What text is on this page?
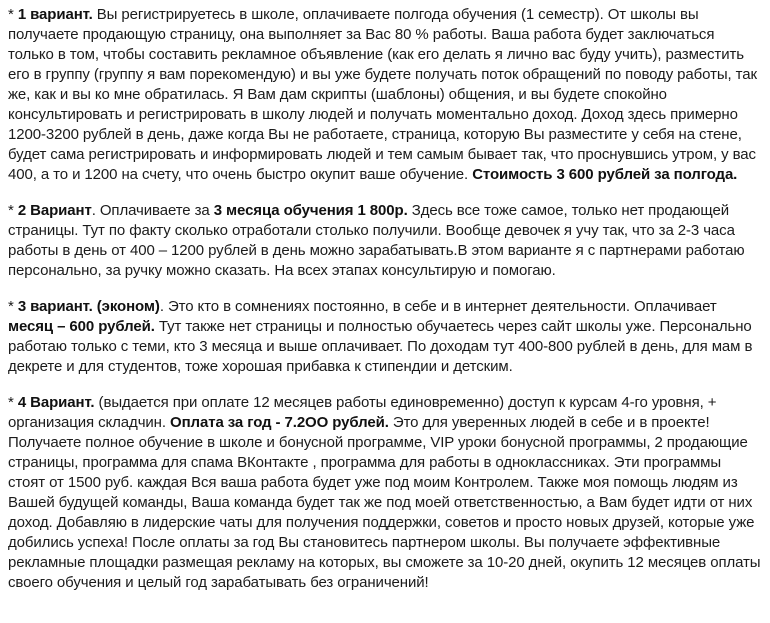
* 1 вариант. Вы регистрируетесь в школе, оплачиваете полгода обучения (1 семестр). От школы вы получаете продающую страницу, она выполняет за Вас 80 % работы. Ваша работа будет заключаться только в том, чтобы составить рекламное объявление (как его делать я лично вас буду учить), разместить его в группу (группу я вам порекомендую) и вы уже будете получать поток обращений по поводу работы, так же, как и вы ко мне обратилась. Я Вам дам скрипты (шаблоны) общения, и вы будете спокойно консультировать и регистрировать в школу людей и получать моментально доход. Доход здесь примерно 1200-3200 рублей в день, даже когда Вы не работаете, страница, которую Вы разместите у себя на стене, будет сама регистрировать и информировать людей и тем самым бывает так, что проснувшись утром, у вас 400, а то и 1200 на счету, что очень быстро окупит ваше обучение. Стоимость 3 600 рублей за полгода.

* 2 Вариант. Оплачиваете за 3 месяца обучения 1 800р. Здесь все тоже самое, только нет продающей страницы. Тут по факту сколько отработали столько получили. Вообще девочек я учу так, что за 2-3 часа работы в день от 400 – 1200 рублей в день можно зарабатывать.В этом варианте я с партнерами работаю персонально, за ручку можно сказать. На всех этапах консультирую и помогаю.

* 3 вариант. (эконом). Это кто в сомнениях постоянно, в себе и в интернет деятельности. Оплачивает месяц – 600 рублей. Тут также нет страницы и полностью обучаетесь через сайт школы уже. Персонально работаю только с теми, кто 3 месяца и выше оплачивает. По доходам тут 400-800 рублей в день, для мам в декрете и для студентов, тоже хорошая прибавка к стипендии и детским.

* 4 Вариант. (выдается при оплате 12 месяцев работы единовременно) доступ к курсам 4-го уровня, + организация складчин. Оплата за год - 7.2ОО рублей. Это для уверенных людей в себе и в проекте! Получаете полное обучение в школе и бонусной программе, VIP уроки бонусной программы, 2 продающие страницы, программа для спама ВКонтакте , программа для работы в одноклассниках. Эти программы стоят от 1500 руб. каждая Вся ваша работа будет уже под моим Контролем. Также моя помощь людям из Вашей будущей команды, Ваша команда будет так же под моей ответственностью, а Вам будет идти от них доход. Добавляю в лидерские чаты для получения поддержки, советов и просто новых друзей, которые уже добились успеха! После оплаты за год Вы становитесь партнером школы. Вы получаете эффективные рекламные площадки размещая рекламу на которых, вы сможете за 10-20 дней, окупить 12 месяцев оплаты своего обучения и целый год зарабатывать без ограничений!
